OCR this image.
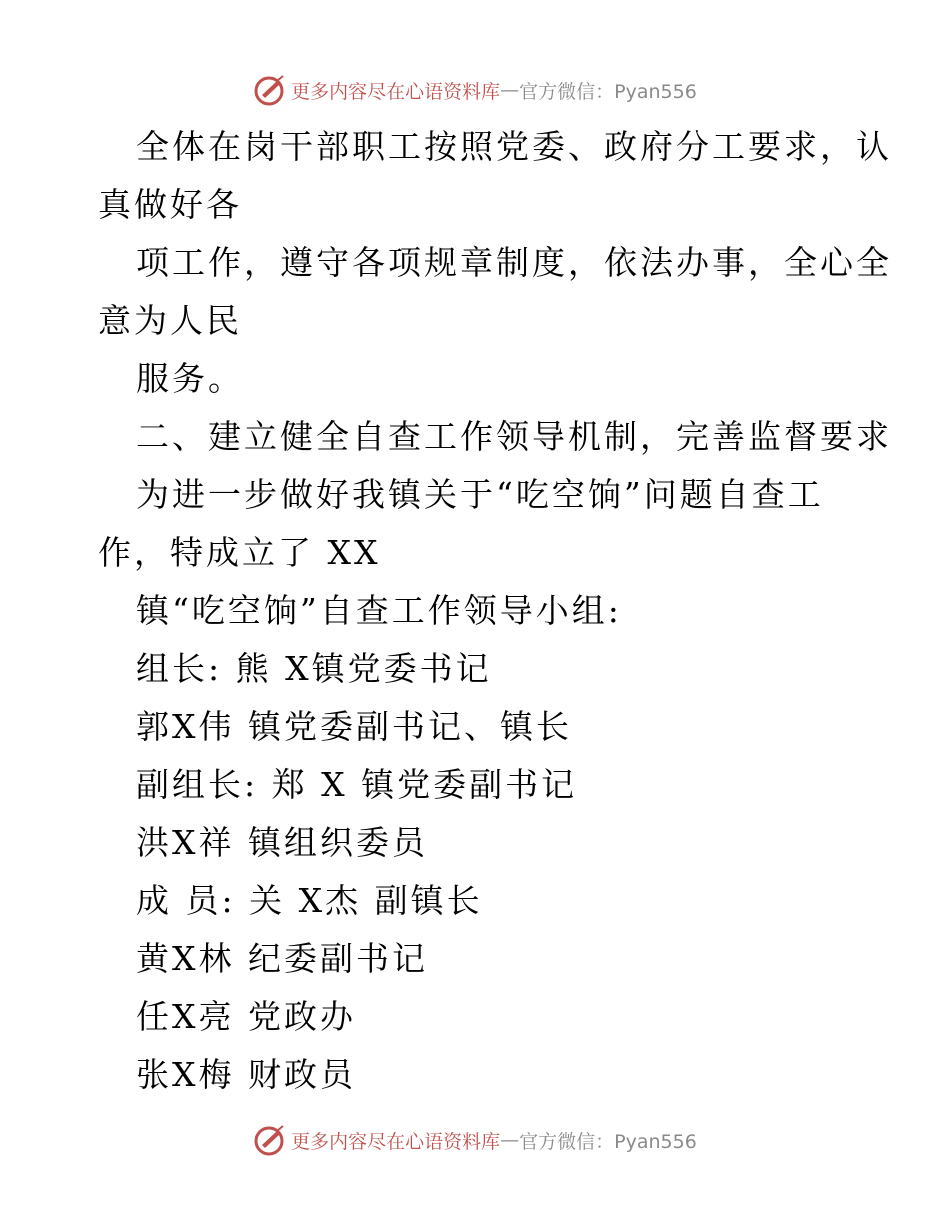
更多内容尽在心语资料库 — 官方微信：Pyan556
全体在岗干部职工按照党委、政府分工要求，认
真做好各
项工作，遵守各项规章制度，依法办事，全心全
意为人民
服务。
二、建立健全自查工作领导机制，完善监督要求
为进一步做好我镇关于“吃空饷”问题自查工
作，特成立了 XX
镇“吃空饷”自查工作领导小组:
组长: 熊 X镇党委书记
郭X伟 镇党委副书记、镇长
副组长: 郑 X 镇党委副书记
洪X祥 镇组织委员
成 员: 关 X杰 副镇长
黄X林 纪委副书记
任X亮 党政办
张X梅 财政员
更多内容尽在心语资料库 — 官方微信：Pyan556
